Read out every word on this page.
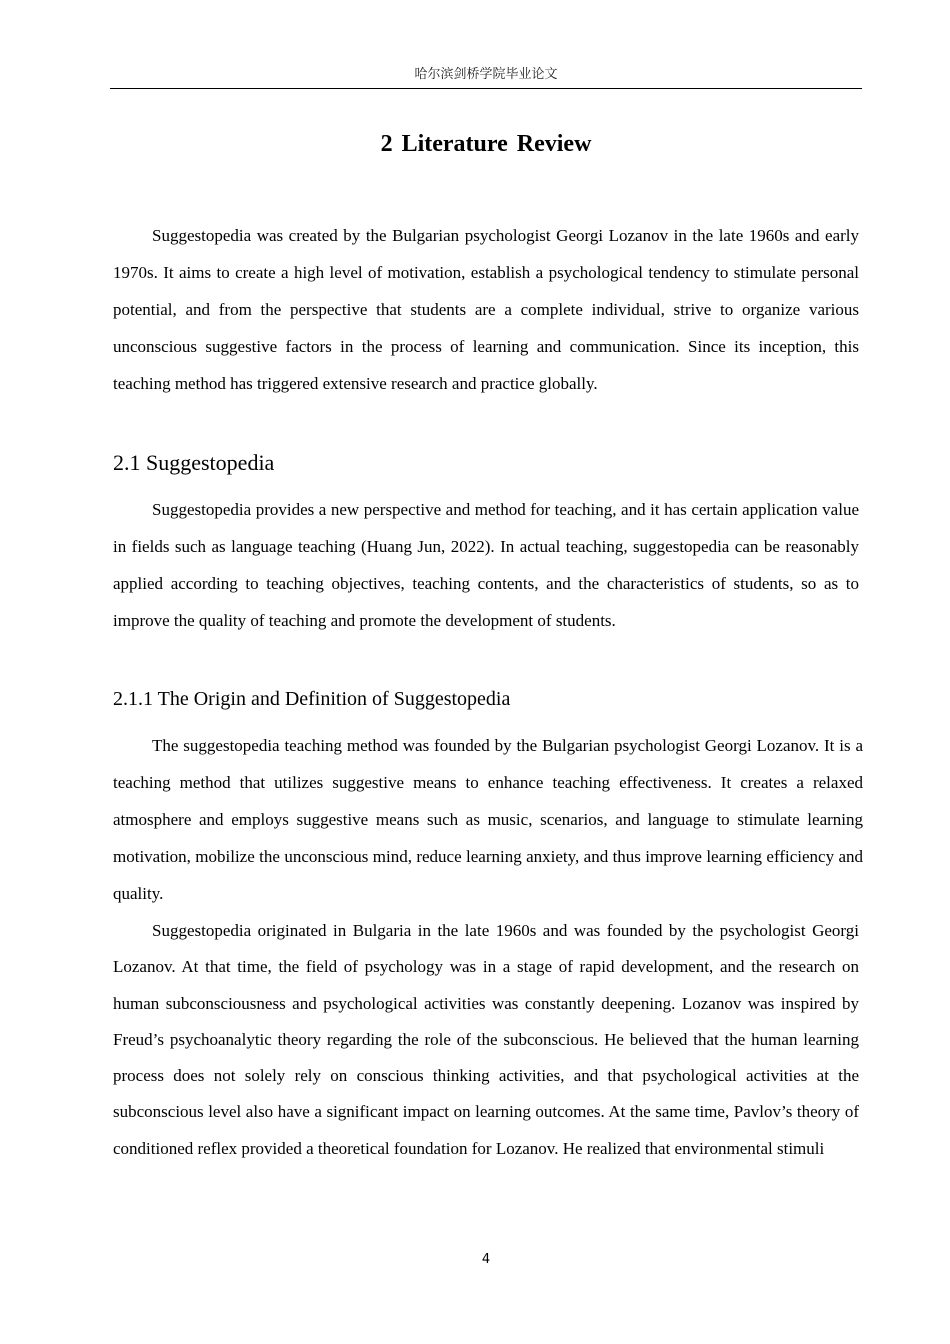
哈尔滨剑桥学院毕业论文
2 Literature Review

Suggestopedia was created by the Bulgarian psychologist Georgi Lozanov in the late 1960s and early 1970s. It aims to create a high level of motivation, establish a psychological tendency to stimulate personal potential, and from the perspective that students are a complete individual, strive to organize various unconscious suggestive factors in the process of learning and communication. Since its inception, this teaching method has triggered extensive research and practice globally.

2.1 Suggestopedia

Suggestopedia provides a new perspective and method for teaching, and it has certain application value in fields such as language teaching (Huang Jun, 2022). In actual teaching, suggestopedia can be reasonably applied according to teaching objectives, teaching contents, and the characteristics of students, so as to improve the quality of teaching and promote the development of students.

2.1.1 The Origin and Definition of Suggestopedia

The suggestopedia teaching method was founded by the Bulgarian psychologist Georgi Lozanov. It is a teaching method that utilizes suggestive means to enhance teaching effectiveness. It creates a relaxed atmosphere and employs suggestive means such as music, scenarios, and language to stimulate learning motivation, mobilize the unconscious mind, reduce learning anxiety, and thus improve learning efficiency and quality.

Suggestopedia originated in Bulgaria in the late 1960s and was founded by the psychologist Georgi Lozanov. At that time, the field of psychology was in a stage of rapid development, and the research on human subconsciousness and psychological activities was constantly deepening. Lozanov was inspired by Freud’s psychoanalytic theory regarding the role of the subconscious. He believed that the human learning process does not solely rely on conscious thinking activities, and that psychological activities at the subconscious level also have a significant impact on learning outcomes. At the same time, Pavlov’s theory of conditioned reflex provided a theoretical foundation for Lozanov. He realized that environmental stimuli

4
